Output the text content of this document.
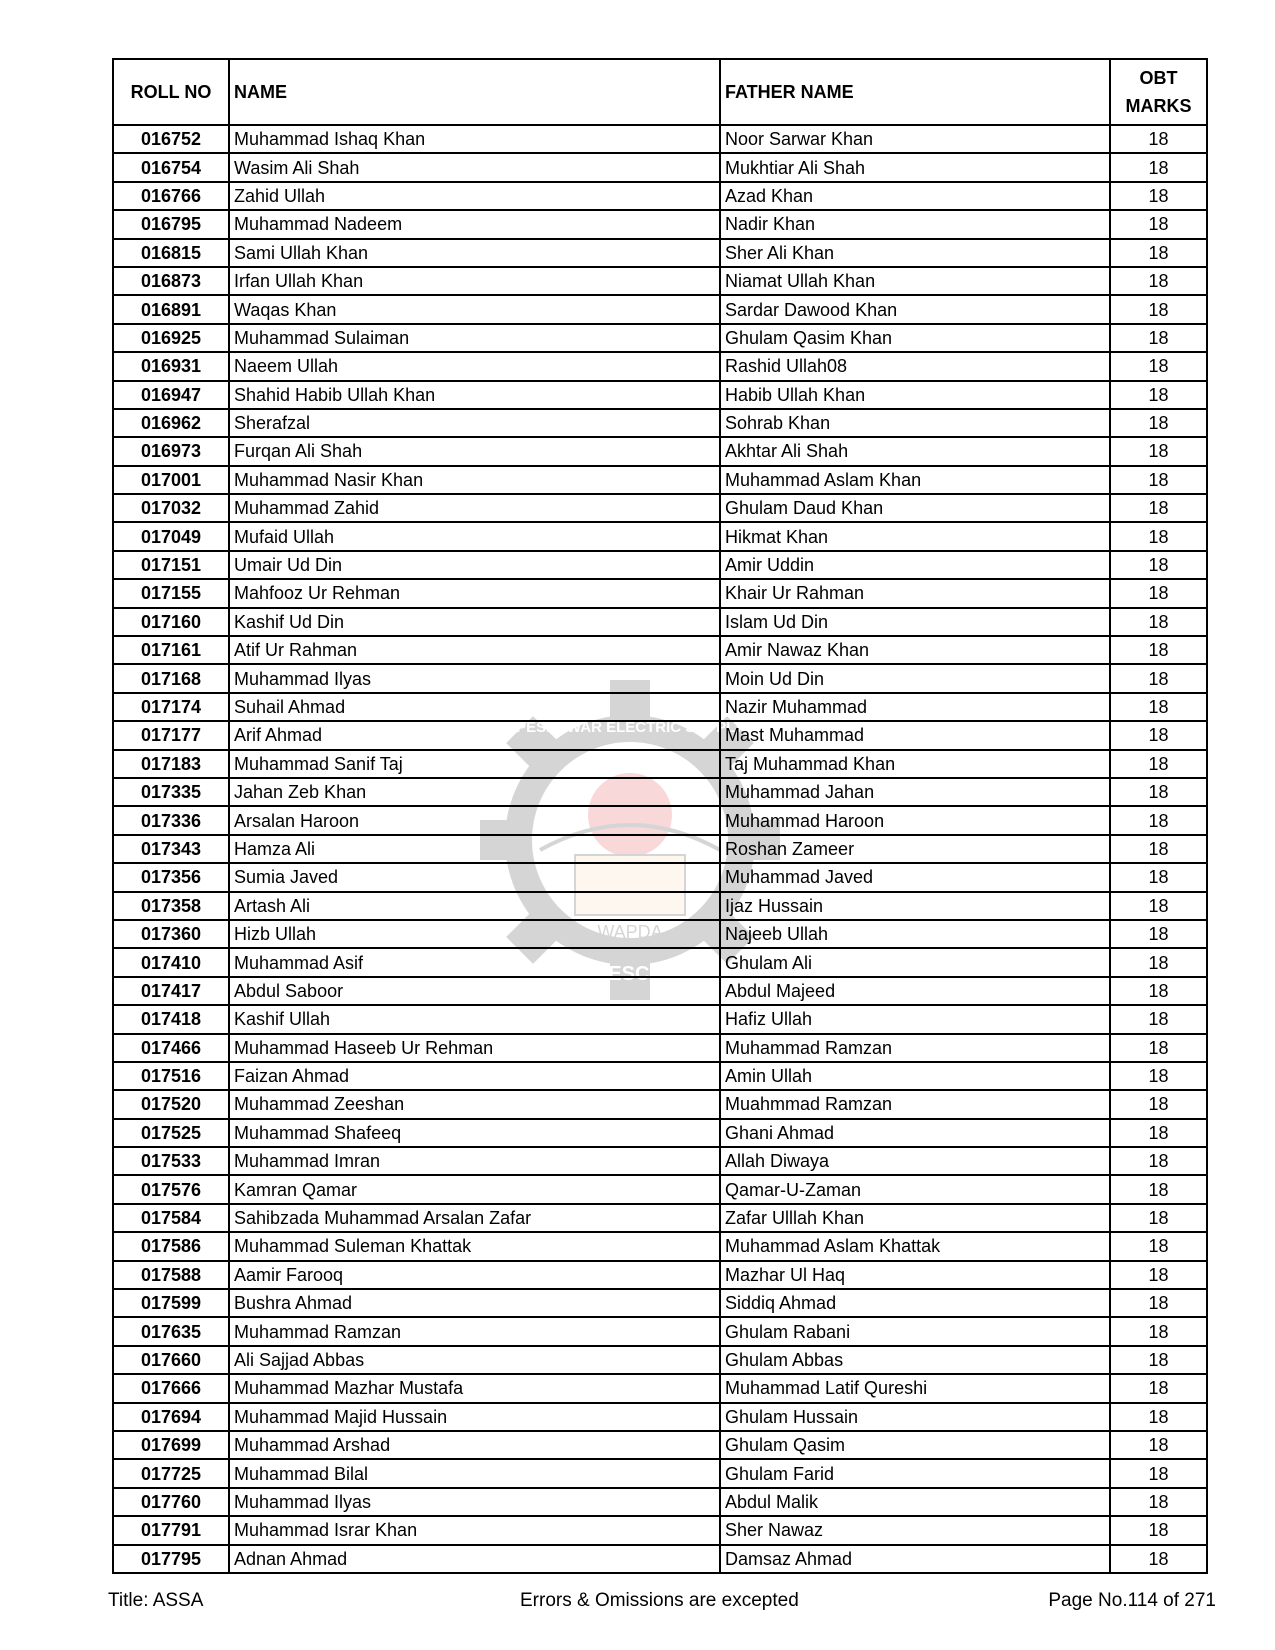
PESHAWAR ELECTRIC SUPPLY
WAPDA
PESCO
ROLL NO	NAME	FATHER NAME	OBT
MARKS
016752	Muhammad Ishaq Khan	Noor Sarwar Khan	18
016754	Wasim Ali Shah	Mukhtiar Ali Shah	18
016766	Zahid Ullah	Azad Khan	18
016795	Muhammad Nadeem	Nadir Khan	18
016815	Sami Ullah Khan	Sher Ali Khan	18
016873	Irfan Ullah Khan	Niamat Ullah Khan	18
016891	Waqas Khan	Sardar Dawood Khan	18
016925	Muhammad Sulaiman	Ghulam Qasim Khan	18
016931	Naeem Ullah	Rashid Ullah08	18
016947	Shahid Habib Ullah Khan	Habib Ullah Khan	18
016962	Sherafzal	Sohrab Khan	18
016973	Furqan Ali Shah	Akhtar Ali Shah	18
017001	Muhammad Nasir Khan	Muhammad Aslam Khan	18
017032	Muhammad Zahid	Ghulam Daud Khan	18
017049	Mufaid Ullah	Hikmat Khan	18
017151	Umair Ud Din	Amir Uddin	18
017155	Mahfooz Ur Rehman	Khair Ur Rahman	18
017160	Kashif Ud Din	Islam Ud Din	18
017161	Atif Ur Rahman	Amir Nawaz Khan	18
017168	Muhammad Ilyas	Moin Ud Din	18
017174	Suhail Ahmad	Nazir Muhammad	18
017177	Arif Ahmad	Mast Muhammad	18
017183	Muhammad Sanif Taj	Taj Muhammad Khan	18
017335	Jahan Zeb Khan	Muhammad Jahan	18
017336	Arsalan Haroon	Muhammad Haroon	18
017343	Hamza Ali	Roshan Zameer	18
017356	Sumia Javed	Muhammad Javed	18
017358	Artash Ali	Ijaz Hussain	18
017360	Hizb Ullah	Najeeb Ullah	18
017410	Muhammad Asif	Ghulam Ali	18
017417	Abdul Saboor	Abdul Majeed	18
017418	Kashif Ullah	Hafiz Ullah	18
017466	Muhammad Haseeb Ur Rehman	Muhammad Ramzan	18
017516	Faizan Ahmad	Amin Ullah	18
017520	Muhammad Zeeshan	Muahmmad Ramzan	18
017525	Muhammad Shafeeq	Ghani Ahmad	18
017533	Muhammad Imran	Allah Diwaya	18
017576	Kamran Qamar	Qamar-U-Zaman	18
017584	Sahibzada Muhammad Arsalan Zafar	Zafar Ulllah Khan	18
017586	Muhammad Suleman Khattak	Muhammad Aslam Khattak	18
017588	Aamir Farooq	Mazhar Ul Haq	18
017599	Bushra Ahmad	Siddiq Ahmad	18
017635	Muhammad Ramzan	Ghulam Rabani	18
017660	Ali Sajjad Abbas	Ghulam Abbas	18
017666	Muhammad Mazhar Mustafa	Muhammad Latif Qureshi	18
017694	Muhammad Majid Hussain	Ghulam Hussain	18
017699	Muhammad Arshad	Ghulam Qasim	18
017725	Muhammad Bilal	Ghulam Farid	18
017760	Muhammad Ilyas	Abdul Malik	18
017791	Muhammad Israr Khan	Sher Nawaz	18
017795	Adnan Ahmad	Damsaz Ahmad	18
Title: ASSA	Errors & Omissions are excepted	Page No.114 of 271
